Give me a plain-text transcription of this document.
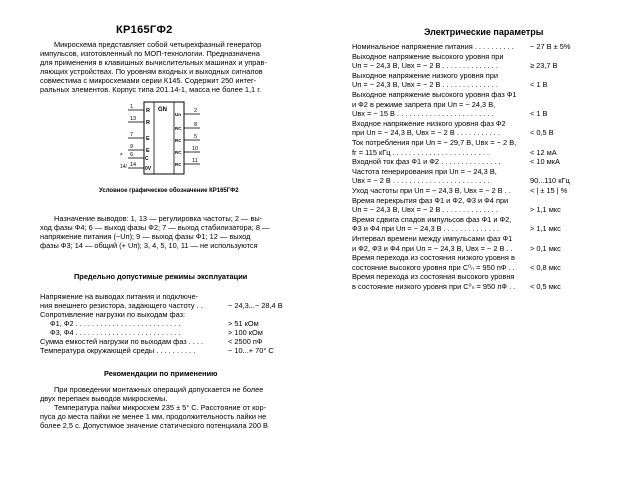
КР165ГФ2
Микросхема представляет собой четырехфазный генератор
импульсов, изготовленный по МОП-технологии. Предназначена
для применения в клавишных вычислительных машинах и управ-
ляющих устройствах. По уровням входных и выходных сигналов
совместима с микросхемами серии К145. Содержит 250 интег-
ральных элементов. Корпус типа 201.14-1, масса не более 1,1 г.
GN
1
13
7
9
6
14
R
R
E
E
C
0V
Un
RC
RC
RC
RC
2
8
5
10
11
≠
14/
Условное графическое обозначение КР165ГФ2
Назначение выводов: 1, 13 — регулировка частоты; 2 — вы-
ход фазы Ф4; 6 — выход фазы Ф2; 7 — выход стабилизатора; 8 —
напряжение питания (−Uп); 9 — выход фазы Ф1; 12 — выход
фазы Ф3; 14 — общий (+ Uп); 3, 4, 5, 10, 11 — не используются
Предельно допустимые режимы эксплуатации
Напряжение на выводах питания и подключе-
ния внешнего резистора, задающего частоту . .	− 24,3...− 28,4 В
Сопротивление нагрузки по выходам фаз:
Ф1, Ф2 . . . . . . . . . . . . . . . . . . . . . . . . . .	> 51 кОм
Ф3, Ф4 . . . . . . . . . . . . . . . . . . . . . . . . . .	> 100 кОм
Сумма емкостей нагрузки по выходам фаз . . . .	< 2500 пФ
Температура окружающей среды . . . . . . . . . .	− 10...+ 70° С
Рекомендации по применению
При проведении монтажных операций допускается не более
двух перепаек выводов микросхемы.
Температура пайки микросхем 235 ± 5° С. Расстояние от кор-
пуса до места пайки не менее 1 мм, продолжительность пайки не
более 2,5 с. Допустимое значение статического потенциала 200 В
Электрические параметры
Номинальное напряжение питания . . . . . . . . . .	− 27 В ± 5%
Выходное напряжение высокого уровня при
Uп = − 24,3 В, Uвх = − 2 В . . . . . . . . . . . . . .	≥ 23,7 В
Выходное напряжение низкого уровня при
Uп = − 24,3 В, Uвх = − 2 В . . . . . . . . . . . . . .	< 1 В
Выходное напряжение высокого уровня фаз Ф1
и Ф2 в режиме запрета при Uп = − 24,3 В,
Uвх = − 15 В . . . . . . . . . . . . . . . . . . . . . . . .	< 1 В
Входное напряжение низкого уровня фаз Ф2
при Uп = − 24,3 В, Uвх = − 2 В . . . . . . . . . . .	< 0,5 В
Ток потребления при Uп = − 29,7 В, Uвх = − 2 В,
fг = 115 кГц . . . . . . . . . . . . . . . . . . . . . . . .	< 12 мА
Входной ток фаз Ф1 и Ф2 . . . . . . . . . . . . . . .	< 10 мкА
Частота генерирования при Uп = − 24,3 В,
Uвх = − 2 В . . . . . . . . . . . . . . . . . . . . . . . .	90...110 кГц
Уход частоты при Uп = − 24,3 В, Uвх = − 2 В . .	< | ± 15 | %
Время перекрытия фаз Ф1 и Ф2, Ф3 и Ф4 при
Uп = − 24,3 В, Uвх = − 2 В . . . . . . . . . . . . . .	> 1,1 мкс
Время сдвига спадов импульсов фаз Ф1 и Ф2,
Ф3 и Ф4 при Uп = − 24,3 В . . . . . . . . . . . . . .	> 1,1 мкс
Интервал времени между импульсами фаз Ф1
и Ф2, Ф3 и Ф4 при Uп = − 24,3 В, Uвх = − 2 В . .	> 0,1 мкс
Время перехода из состояния низкого уровня в
состояние высокого уровня при C⁰ₙ = 950 пФ . .	< 0,8 мкс
Время перехода из состояния высокого уровня
в состояние низкого уровня при C⁰ₙ = 950 пФ . .	< 0,5 мкс
